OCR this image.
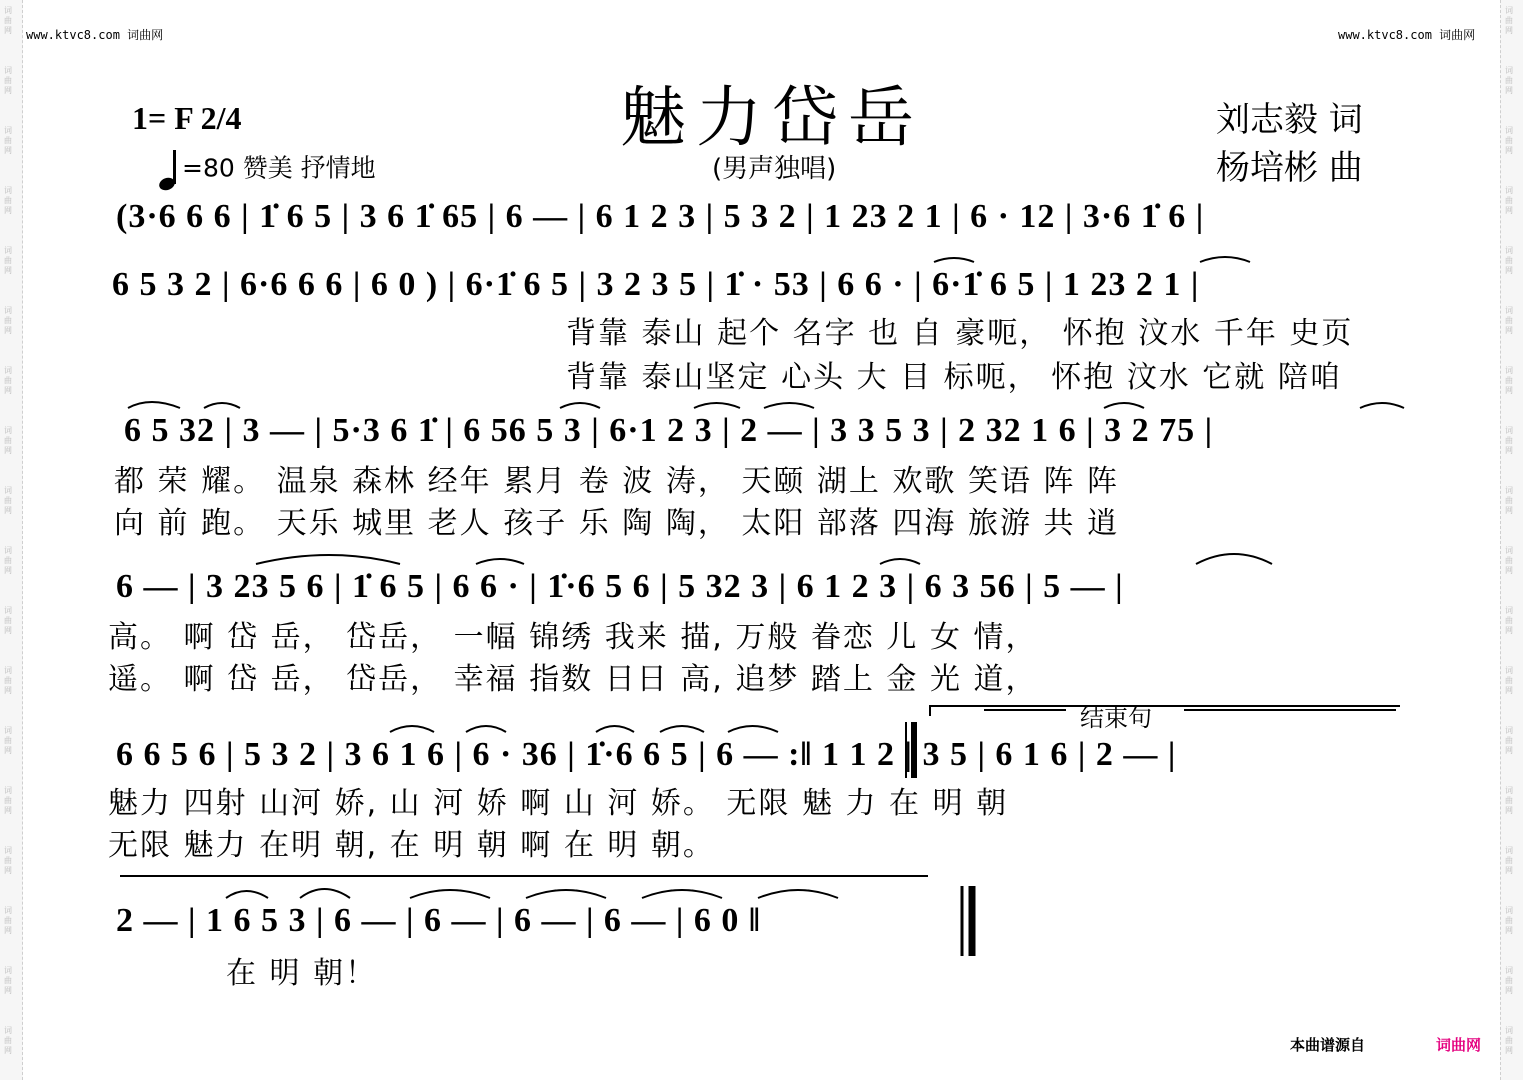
词曲网
词曲网
词曲网
词曲网
词曲网
词曲网
词曲网
词曲网
词曲网
词曲网
词曲网
词曲网
词曲网
词曲网
词曲网
词曲网
词曲网
词曲网
词曲网
词曲网
词曲网
词曲网
词曲网
词曲网
词曲网
词曲网
词曲网
词曲网
词曲网
词曲网
词曲网
词曲网
词曲网
词曲网
词曲网
词曲网
www.ktvc8.com 词曲网	www.ktvc8.com 词曲网
魅力岱岳
(男声独唱)
1= F 2/4
=80 赞美 抒情地
刘志毅 词
杨培彬 曲
(3·6 6 6 | 1̇ 6 5 | 3 6 1̇ 65 | 6 — | 6 1 2 3 | 5 3 2 | 1 23 2 1 | 6 · 12 | 3·6 1̇ 6 |
6 5 3 2 | 6·6 6 6 | 6 0 ) | 6·1̇ 6 5 | 3 2 3 5 | 1̇ · 53 | 6 6 · | 6·1̇ 6 5 | 1 23 2 1 |
背靠 泰山 起个 名字 也 自 豪呃， 怀抱 汶水 千年 史页
背靠 泰山坚定 心头 大 目 标呃， 怀抱 汶水 它就 陪咱
6 5 32 | 3 — | 5·3 6 1̇ | 6 56 5 3 | 6·1 2 3 | 2 — | 3 3 5 3 | 2 32 1 6 | 3 2 75 |
都 荣 耀。 温泉 森林 经年 累月 卷 波 涛， 天颐 湖上 欢歌 笑语 阵 阵
向 前 跑。 天乐 城里 老人 孩子 乐 陶 陶， 太阳 部落 四海 旅游 共 逍
6 — | 3 23 5 6 | 1̇ 6 5 | 6 6 · | 1̇·6 5 6 | 5 32 3 | 6 1 2 3 | 6 3 56 | 5 — |
高。 啊 岱 岳， 岱岳， 一幅 锦绣 我来 描, 万般 眷恋 儿 女 情，
遥。 啊 岱 岳， 岱岳， 幸福 指数 日日 高, 追梦 踏上 金 光 道，
结束句
6 6 5 6 | 5 3 2 | 3 6 1 6 | 6 · 36 | 1̇·6 6 5 | 6 — :‖ 1 1 2 | 3 5 | 6 1 6 | 2 — |
魅力 四射 山河 娇, 山 河 娇 啊 山 河 娇。 无限 魅 力 在 明 朝
无限 魅力 在明 朝, 在 明 朝 啊 在 明 朝。
2 — | 1 6 5 3 | 6 — | 6 — | 6 — | 6 — | 6 0 ‖
在 明 朝！
本曲谱源自	词曲网
